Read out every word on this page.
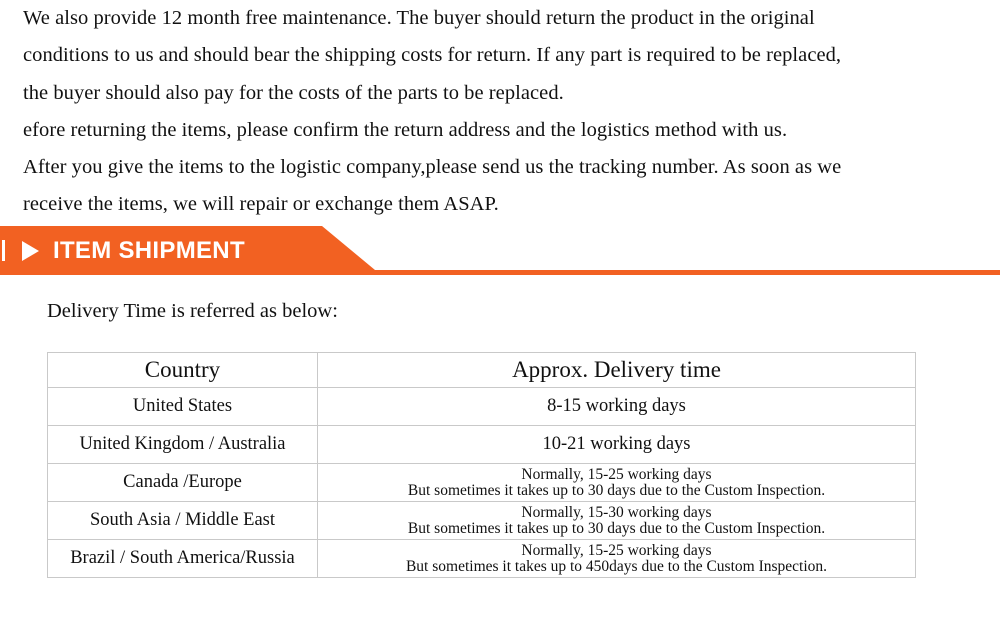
We also provide 12 month free maintenance. The buyer should return the product in the original
conditions to us and should bear the shipping costs for return. If any part is required to be replaced,
the buyer should also pay for the costs of the parts to be replaced.
efore returning the items, please confirm the return address and the logistics method with us.
After you give the items to the logistic company,please send us the tracking number. As soon as we
receive the items, we will repair or exchange them ASAP.
ITEM SHIPMENT
Delivery Time is referred as below:
Country	Approx. Delivery time
United States	8-15 working days
United Kingdom / Australia	10-21 working days
Canada /Europe	Normally, 15-25 working days
But sometimes it takes up to 30 days due to the Custom Inspection.

South Asia / Middle East	Normally, 15-30 working days
But sometimes it takes up to 30 days due to the Custom Inspection.

Brazil / South America/Russia	Normally, 15-25 working days
But sometimes it takes up to 450days due to the Custom Inspection.
